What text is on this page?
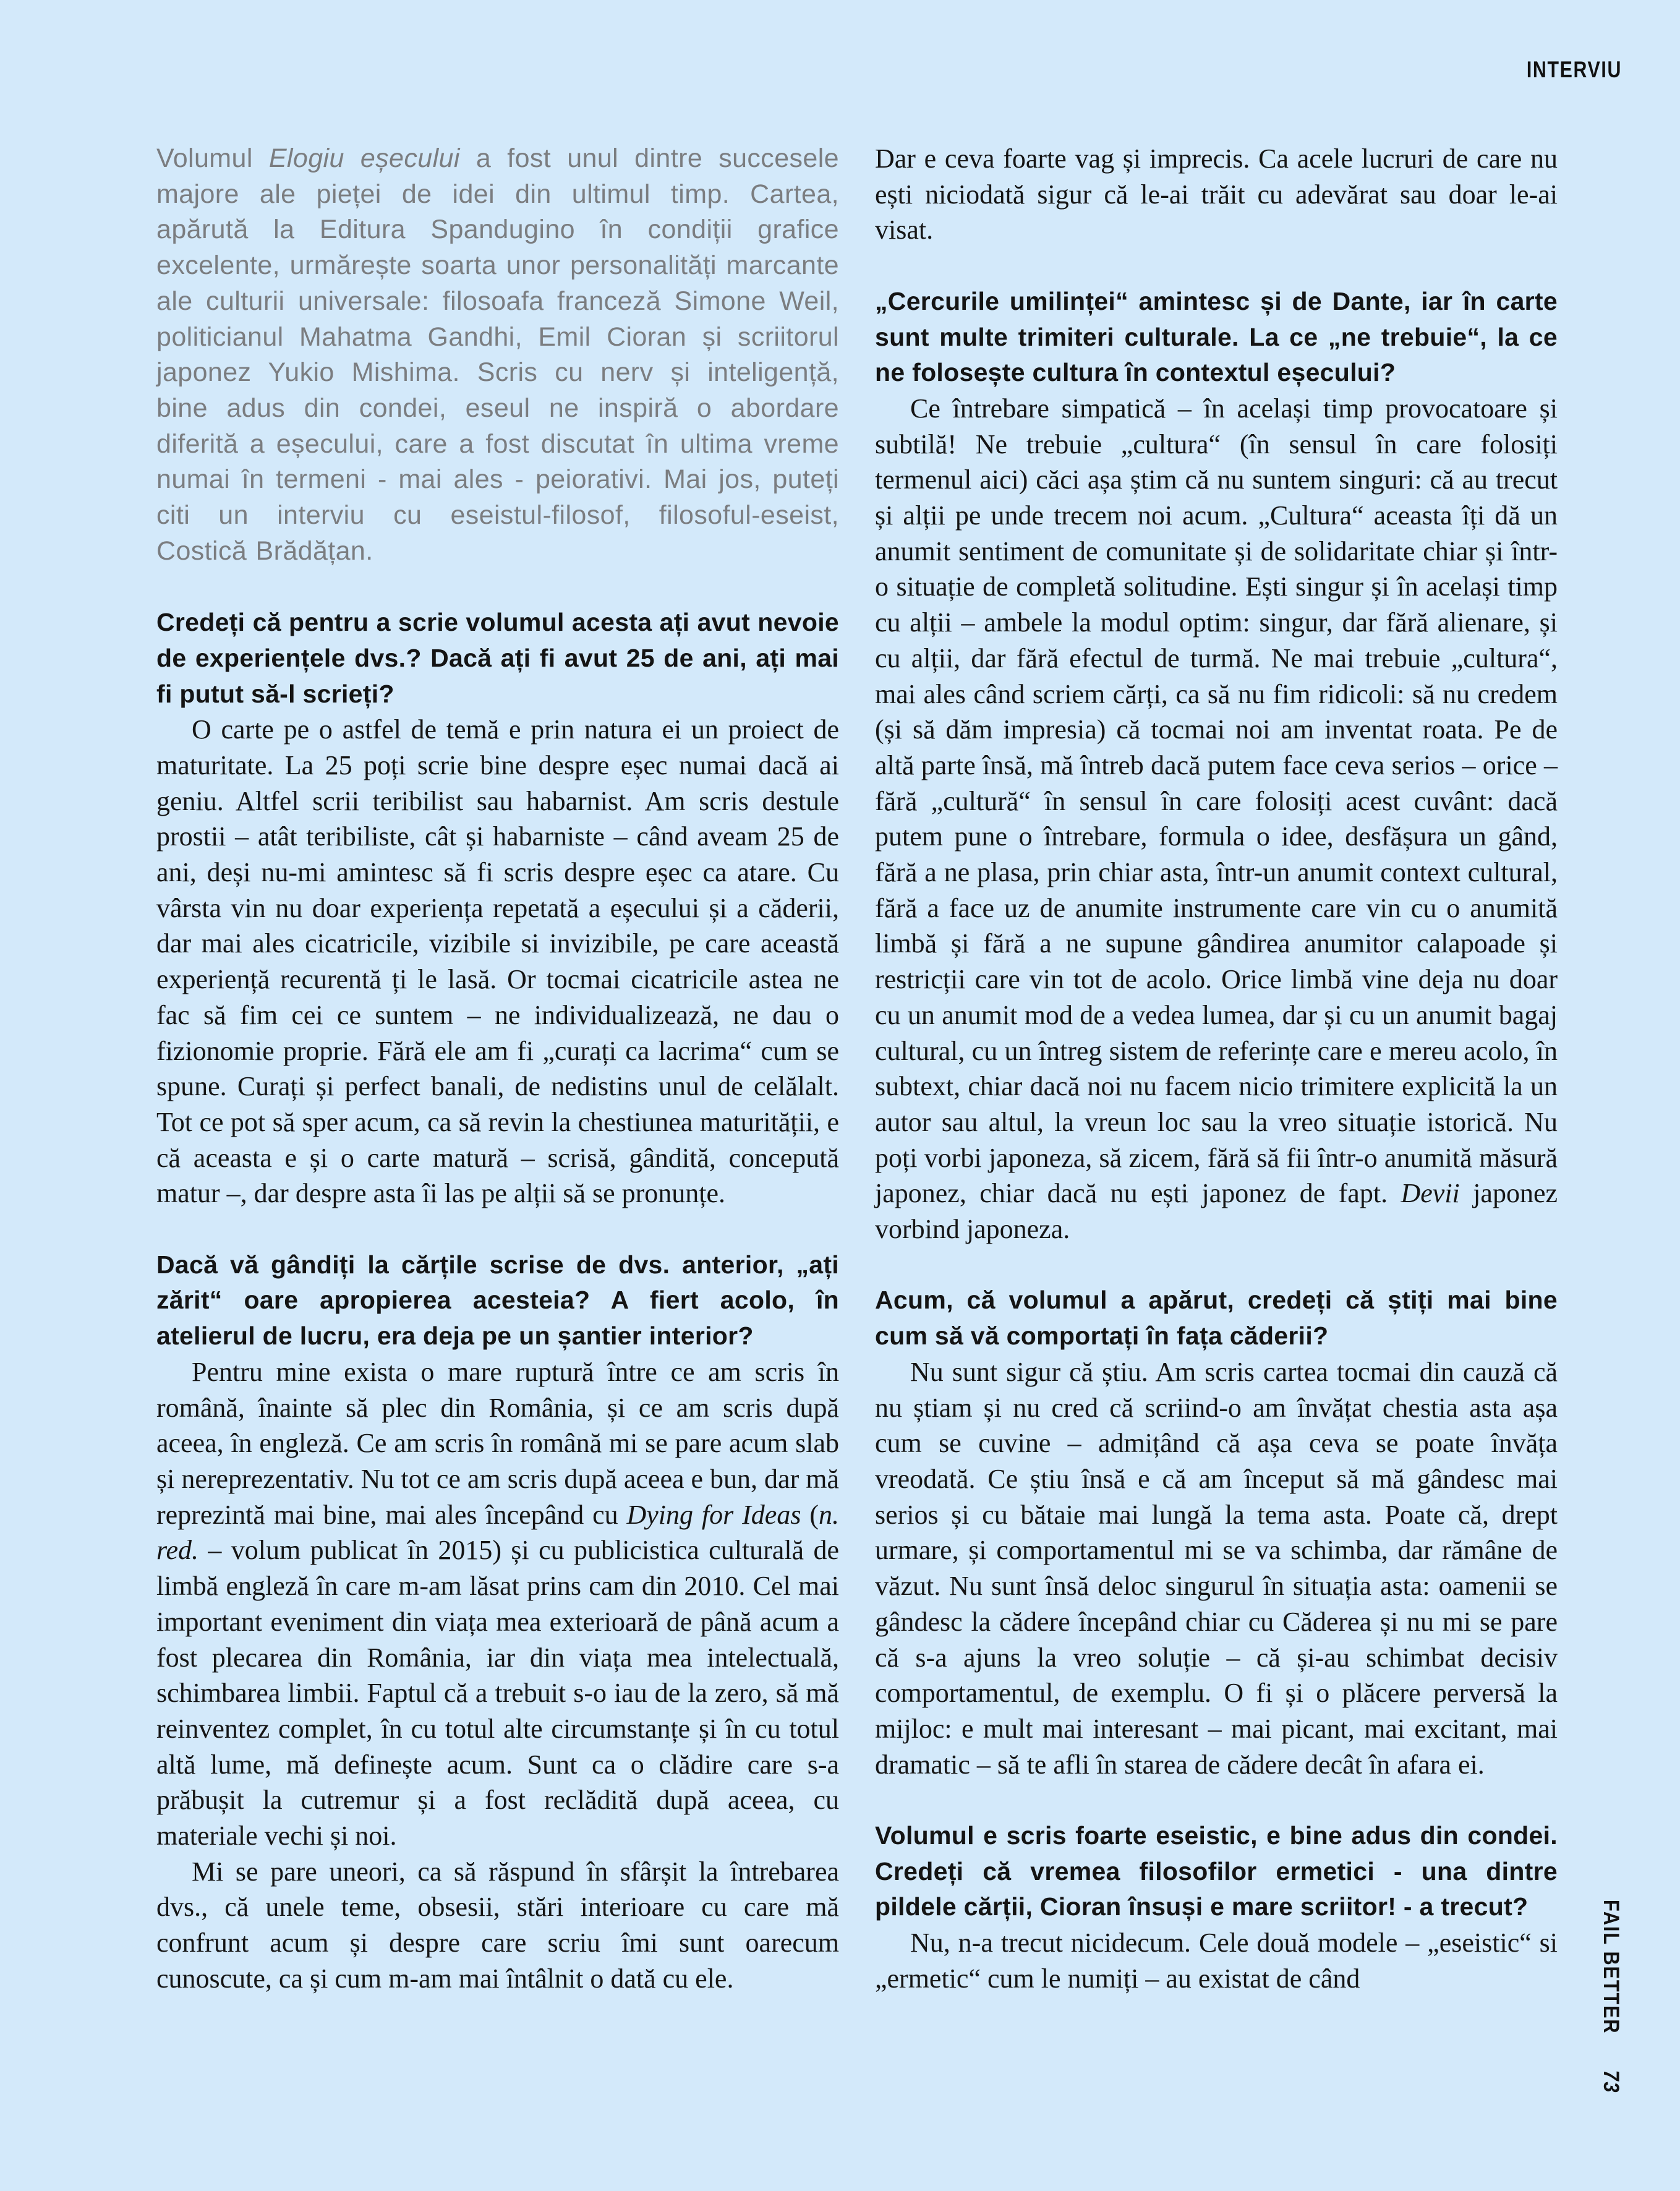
INTERVIU

Volumul Elogiu eșecului a fost unul dintre succesele majore ale pieței de idei din ultimul timp. Cartea, apărută la Editura Spandugino în condiții grafice excelente, urmărește soarta unor personalități marcante ale culturii universale: filosoafa franceză Simone Weil, politicianul Mahatma Gandhi, Emil Cioran și scriitorul japonez Yukio Mishima. Scris cu nerv și inteligență, bine adus din condei, eseul ne inspiră o abordare diferită a eșecului, care a fost discutat în ultima vreme numai în termeni - mai ales - peiorativi. Mai jos, puteți citi un interviu cu eseistul-filosof, filosoful-eseist, Costică Brădățan.

Credeți că pentru a scrie volumul acesta ați avut nevoie de experiențele dvs.? Dacă ați fi avut 25 de ani, ați mai fi putut să-l scrieți?

O carte pe o astfel de temă e prin natura ei un proiect de maturitate. La 25 poți scrie bine despre eșec numai dacă ai geniu. Altfel scrii teribilist sau habarnist. Am scris destule prostii – atât teribiliste, cât și habarniste – când aveam 25 de ani, deși nu-mi amintesc să fi scris despre eșec ca atare. Cu vârsta vin nu doar experiența repetată a eșecului și a căderii, dar mai ales cicatricile, vizibile si invizibile, pe care această experiență recurentă ți le lasă. Or tocmai cicatricile astea ne fac să fim cei ce suntem – ne individualizează, ne dau o fizionomie proprie. Fără ele am fi „curați ca lacrima“ cum se spune. Curați și perfect banali, de nedistins unul de celălalt. Tot ce pot să sper acum, ca să revin la chestiunea maturității, e că aceasta e și o carte matură – scrisă, gândită, concepută matur –, dar despre asta îi las pe alții să se pronunțe.

Dacă vă gândiți la cărțile scrise de dvs. anterior, „ați zărit“ oare apropierea acesteia? A fiert acolo, în atelierul de lucru, era deja pe un șantier interior?

Pentru mine exista o mare ruptură între ce am scris în română, înainte să plec din România, și ce am scris după aceea, în engleză. Ce am scris în română mi se pare acum slab și nereprezentativ. Nu tot ce am scris după aceea e bun, dar mă reprezintă mai bine, mai ales începând cu Dying for Ideas (n. red. – volum publicat în 2015) și cu publicistica culturală de limbă engleză în care m-am lăsat prins cam din 2010. Cel mai important eveniment din viața mea exterioară de până acum a fost plecarea din România, iar din viața mea intelectuală, schimbarea limbii. Faptul că a trebuit s-o iau de la zero, să mă reinventez complet, în cu totul alte circumstanțe și în cu totul altă lume, mă definește acum. Sunt ca o clădire care s-a prăbușit la cutremur și a fost reclădită după aceea, cu materiale vechi și noi.

Mi se pare uneori, ca să răspund în sfârșit la întrebarea dvs., că unele teme, obsesii, stări interioare cu care mă confrunt acum și despre care scriu îmi sunt oarecum cunoscute, ca și cum m-am mai întâlnit o dată cu ele.

Dar e ceva foarte vag și imprecis. Ca acele lucruri de care nu ești niciodată sigur că le-ai trăit cu adevărat sau doar le-ai visat.

„Cercurile umilinței“ amintesc și de Dante, iar în carte sunt multe trimiteri culturale. La ce „ne trebuie“, la ce ne folosește cultura în contextul eșecului?

Ce întrebare simpatică – în același timp provocatoare și subtilă! Ne trebuie „cultura“ (în sensul în care folosiți termenul aici) căci așa știm că nu suntem singuri: că au trecut și alții pe unde trecem noi acum. „Cultura“ aceasta îți dă un anumit sentiment de comunitate și de solidaritate chiar și într-o situație de completă solitudine. Ești singur și în același timp cu alții – ambele la modul optim: singur, dar fără alienare, și cu alții, dar fără efectul de turmă. Ne mai trebuie „cultura“, mai ales când scriem cărți, ca să nu fim ridicoli: să nu credem (și să dăm impresia) că tocmai noi am inventat roata. Pe de altă parte însă, mă întreb dacă putem face ceva serios – orice – fără „cultură“ în sensul în care folosiți acest cuvânt: dacă putem pune o întrebare, formula o idee, desfășura un gând, fără a ne plasa, prin chiar asta, într-un anumit context cultural, fără a face uz de anumite instrumente care vin cu o anumită limbă și fără a ne supune gândirea anumitor calapoade și restricții care vin tot de acolo. Orice limbă vine deja nu doar cu un anumit mod de a vedea lumea, dar și cu un anumit bagaj cultural, cu un întreg sistem de referințe care e mereu acolo, în subtext, chiar dacă noi nu facem nicio trimitere explicită la un autor sau altul, la vreun loc sau la vreo situație istorică. Nu poți vorbi japoneza, să zicem, fără să fii într-o anumită măsură japonez, chiar dacă nu ești japonez de fapt. Devii japonez vorbind japoneza.

Acum, că volumul a apărut, credeți că știți mai bine cum să vă comportați în fața căderii?

Nu sunt sigur că știu. Am scris cartea tocmai din cauză că nu știam și nu cred că scriind-o am învățat chestia asta așa cum se cuvine – admițând că așa ceva se poate învăța vreodată. Ce știu însă e că am început să mă gândesc mai serios și cu bătaie mai lungă la tema asta. Poate că, drept urmare, și comportamentul mi se va schimba, dar rămâne de văzut. Nu sunt însă deloc singurul în situația asta: oamenii se gândesc la cădere începând chiar cu Căderea și nu mi se pare că s-a ajuns la vreo soluție – că și-au schimbat decisiv comportamentul, de exemplu. O fi și o plăcere perversă la mijloc: e mult mai interesant – mai picant, mai excitant, mai dramatic – să te afli în starea de cădere decât în afara ei.

Volumul e scris foarte eseistic, e bine adus din condei. Credeți că vremea filosofilor ermetici - una dintre pildele cărții, Cioran însuși e mare scriitor! - a trecut?

Nu, n-a trecut nicidecum. Cele două modele – „eseistic“ si „ermetic“ cum le numiți – au existat de când	FAIL BETTER 73
